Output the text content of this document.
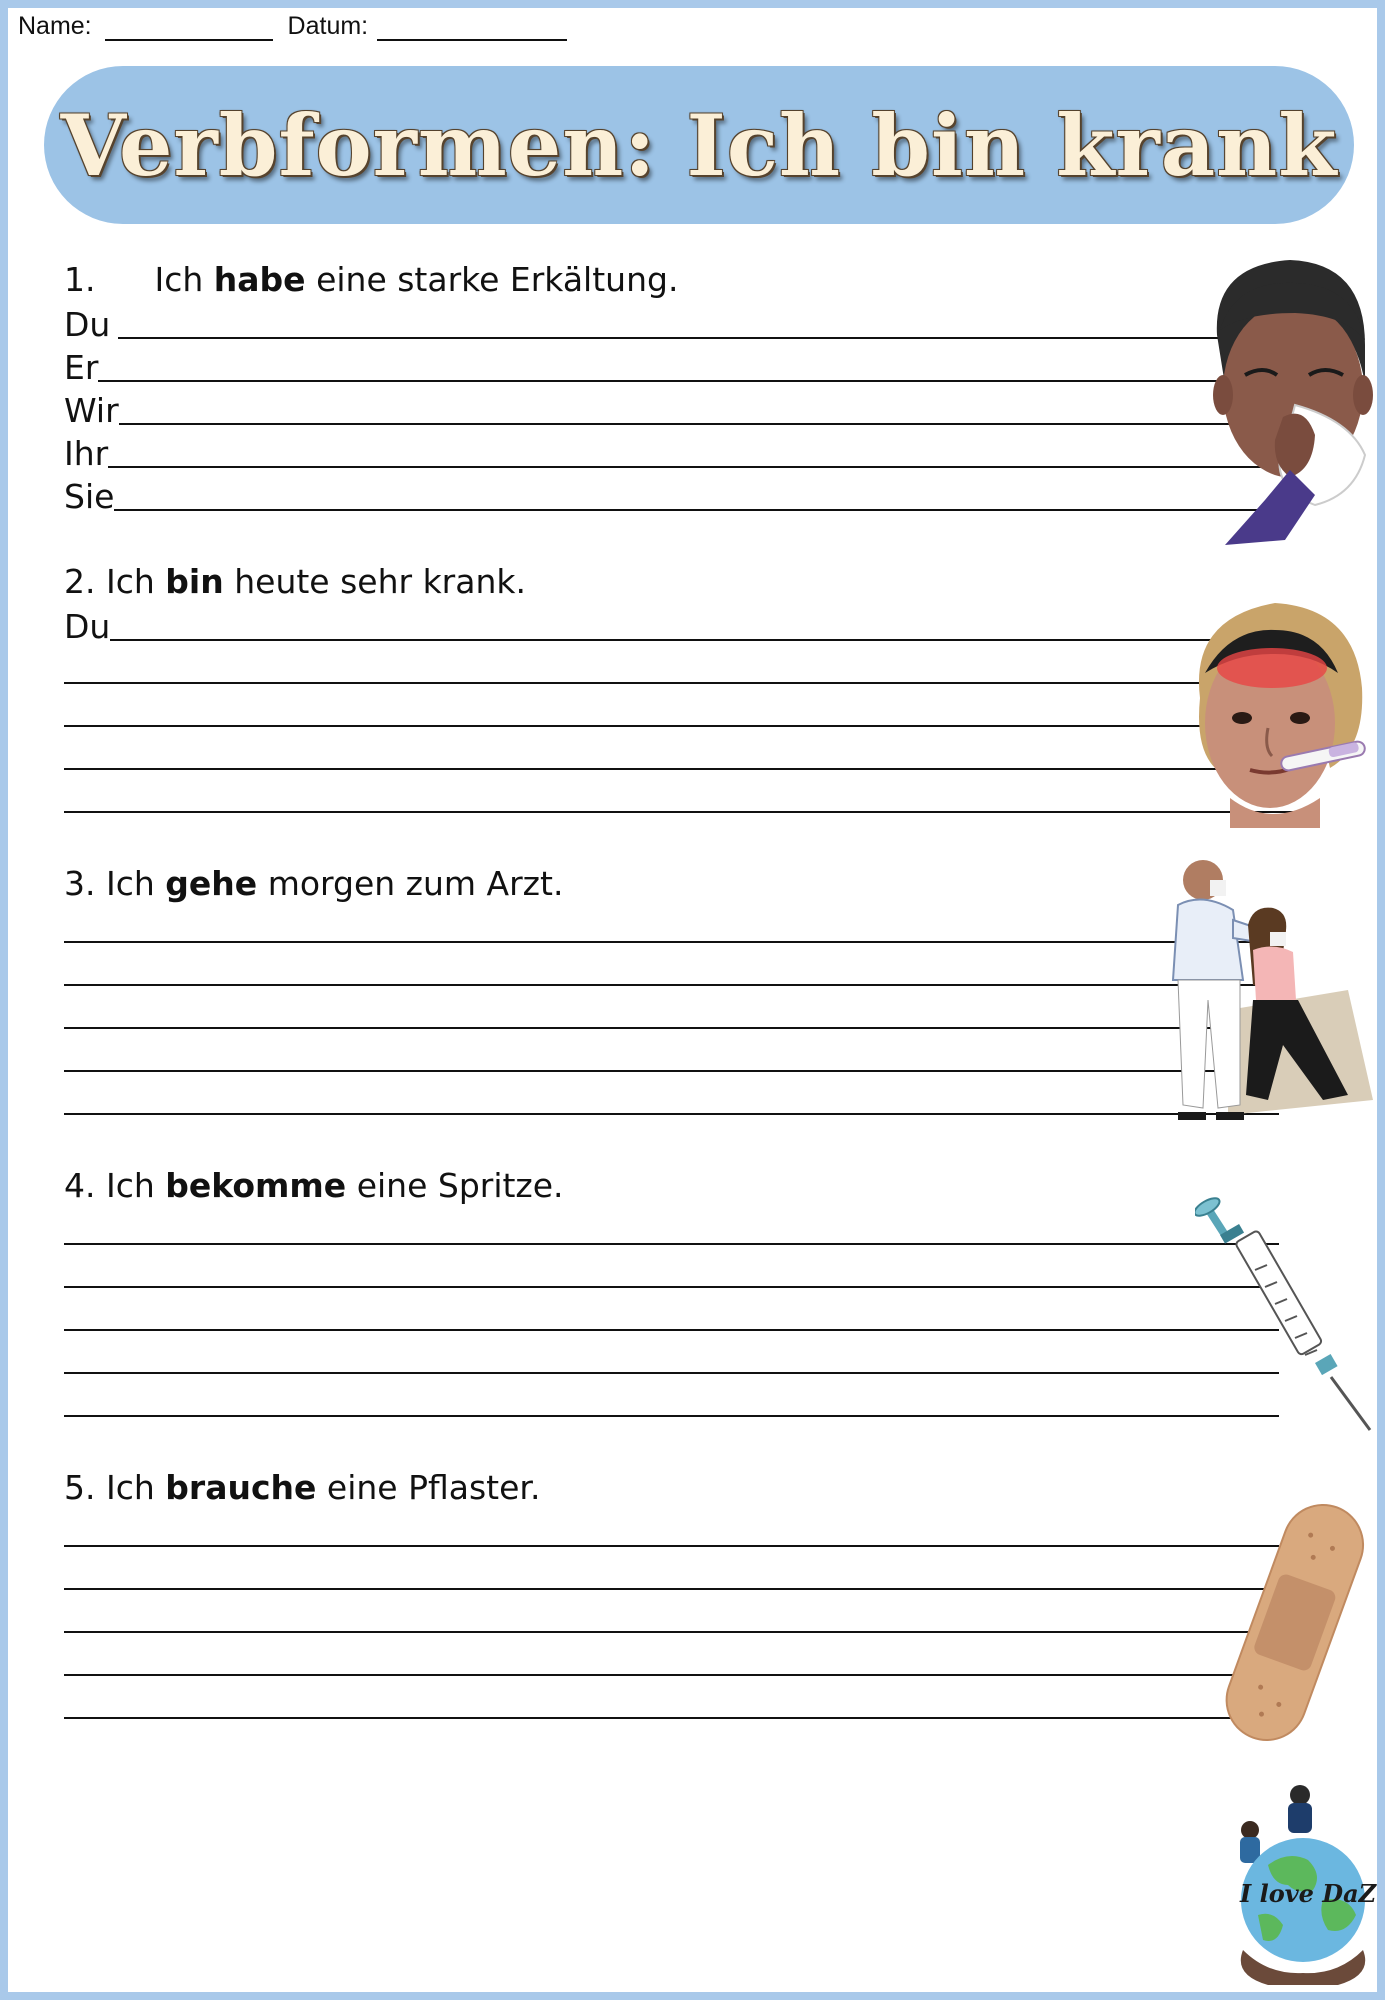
Name:	Datum:
Verbformen: Ich bin krank
1. Ich habe eine starke Erkältung.
Du
Er
Wir
Ihr
Sie
2. Ich bin heute sehr krank.
Du
3. Ich gehe morgen zum Arzt.
4. Ich bekomme eine Spritze.
5. Ich brauche eine Pflaster.
I love DaZ
